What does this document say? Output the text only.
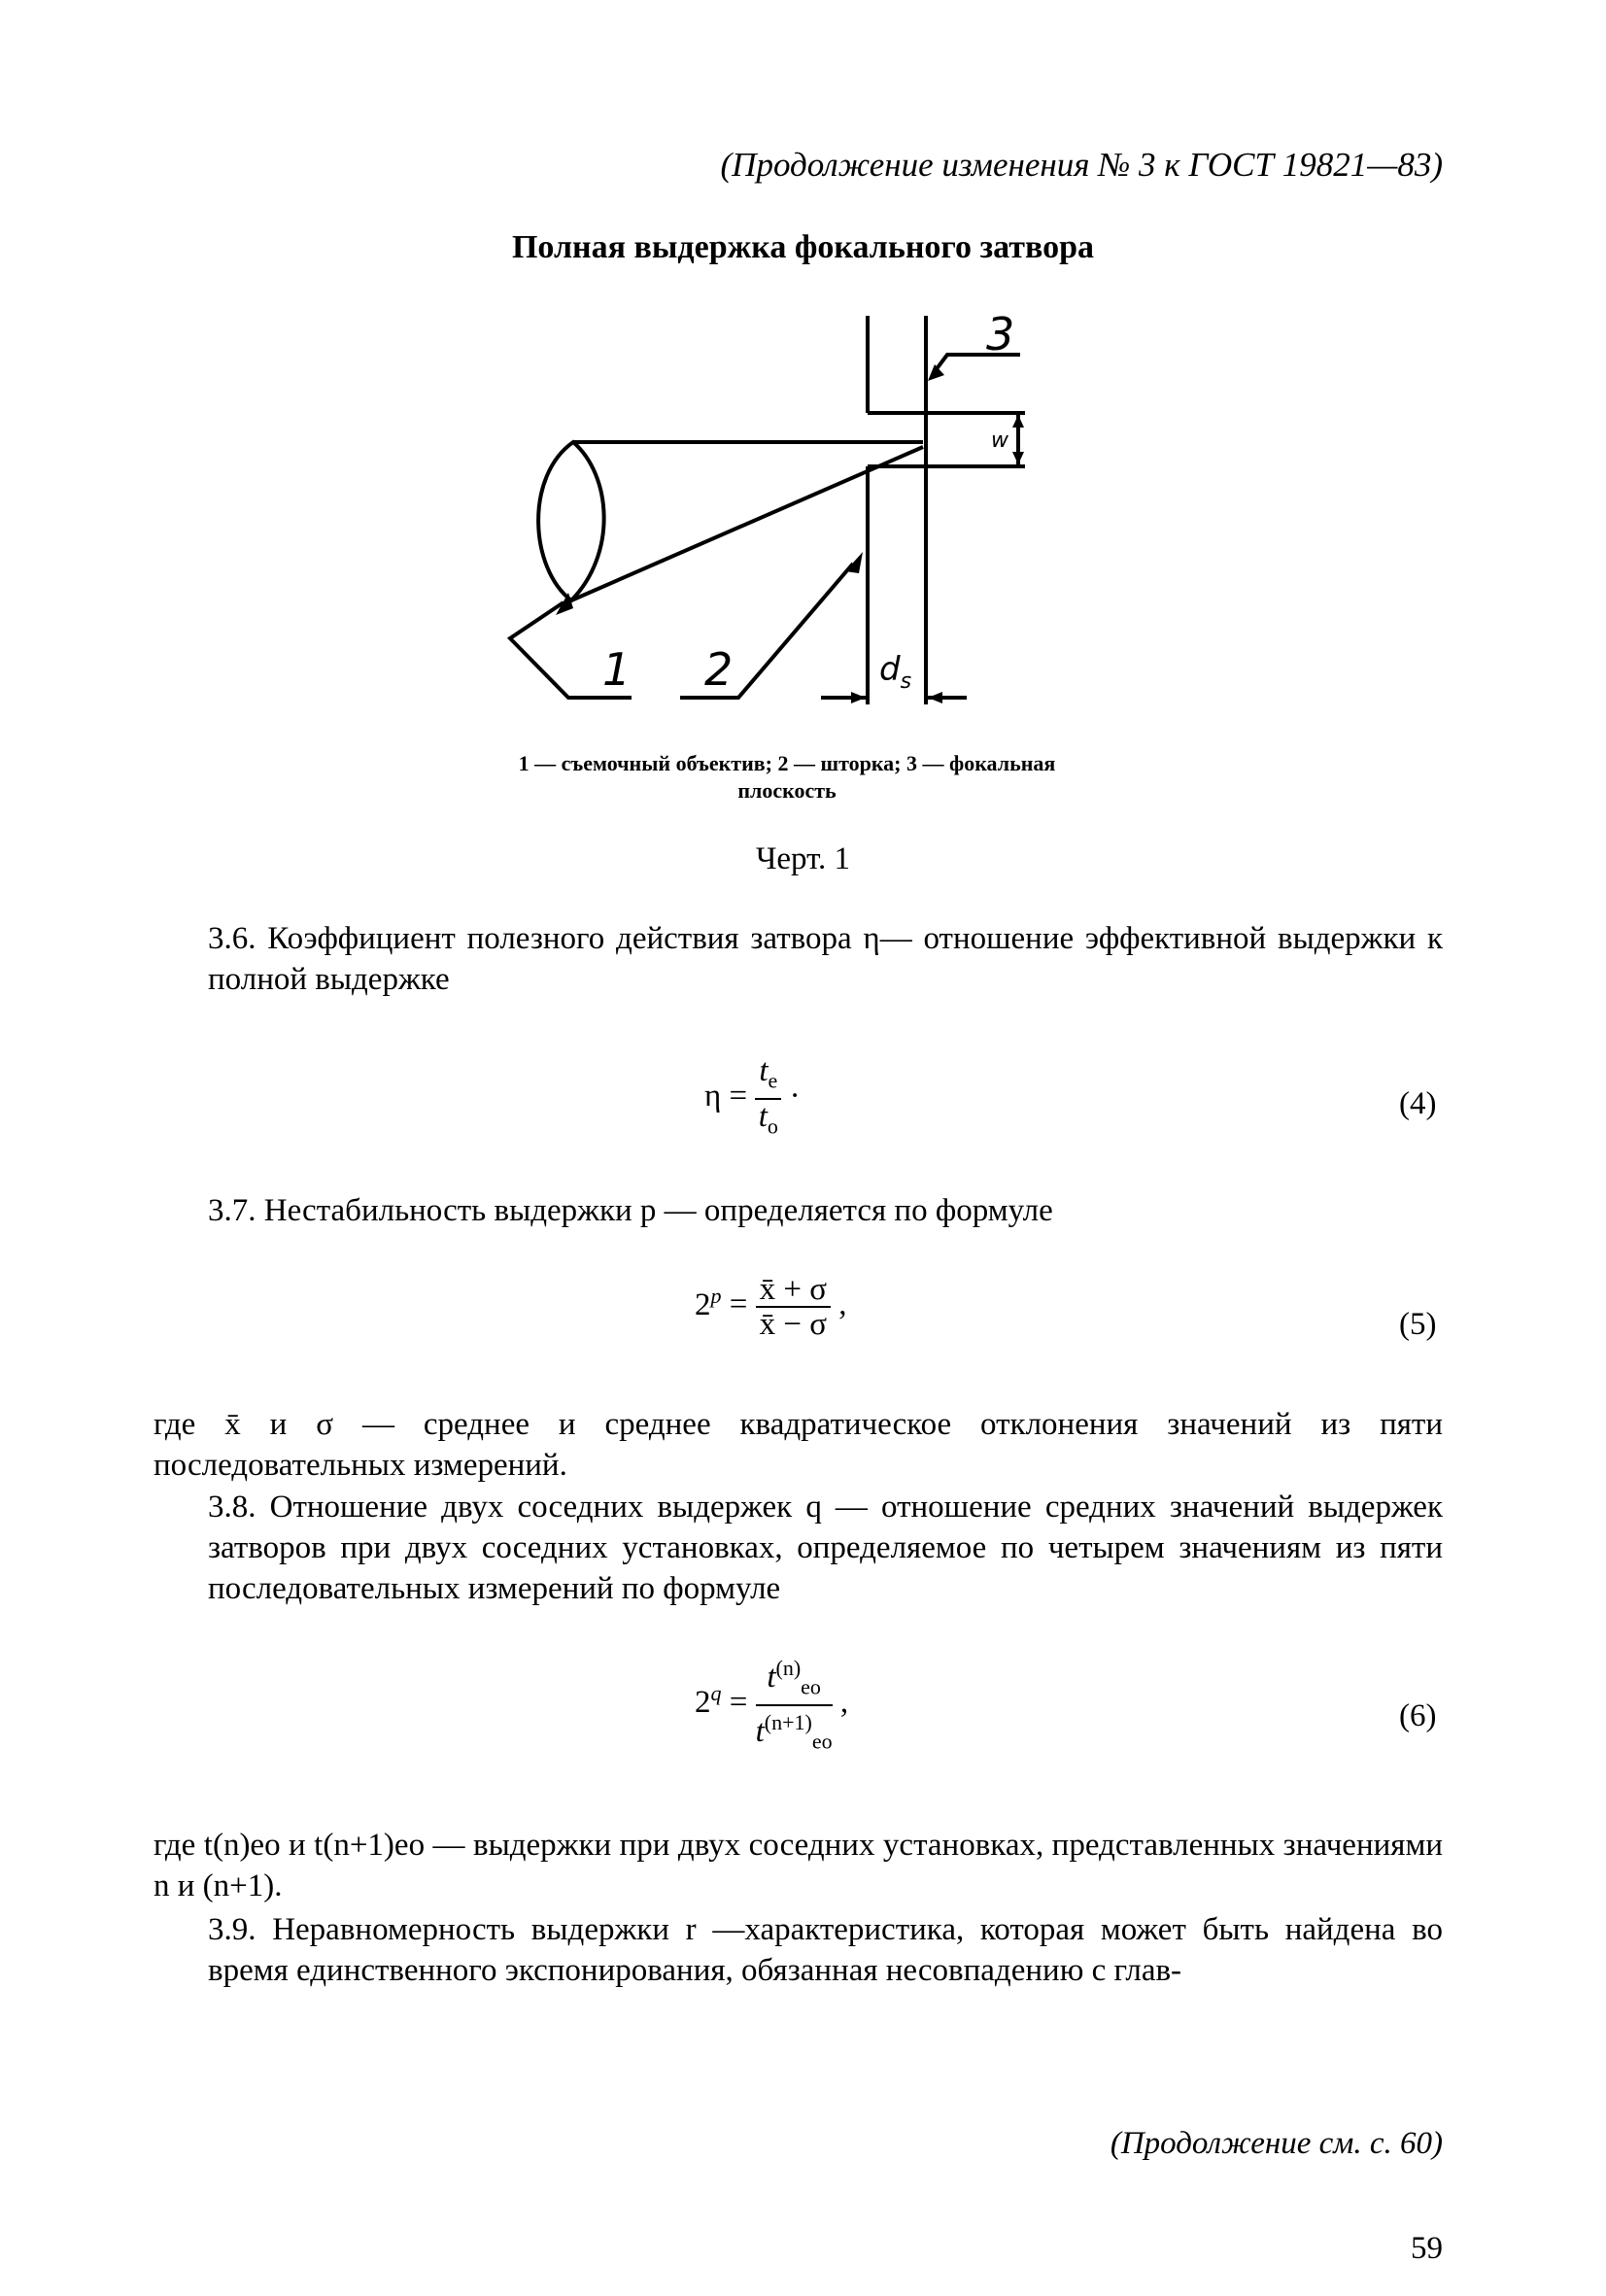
(Продолжение изменения № 3 к ГОСТ 19821—83)
Полная выдержка фокального затвора
1 2
3
w
$d_s$
1 — съемочный объектив; 2 — шторка; 3 — фокальная
плоскость
Черт. 1
3.6. Коэффициент полезного действия затвора η— отношение эффективной выдержки к полной выдержке
$\eta = \frac{t_e}{t_o}$ ·	(4)
3.7. Нестабильность выдержки p — определяется по формуле
$2^p = \frac{x̄ + \sigma}{x̄ - \sigma}$ ,
(5)
где x̄ и σ — среднее и среднее квадратическое отклонения значений из пяти последовательных измерений.
3.8. Отношение двух соседних выдержек q — отношение средних значений выдержек затворов при двух соседних установках, определяемое по четырем значениям из пяти последовательных измерений по формуле
$2^q = \frac{t^{(n)}_{eo}}{t^{(n+1)}_{eo}}$ ,	(6)
где t(n)eo и t(n+1)eo — выдержки при двух соседних установках, представленных значениями n и (n+1).
3.9. Неравномерность выдержки r —характеристика, которая может быть найдена во время единственного экспонирования, обязанная несовпадению с глав-
(Продолжение см. с. 60)
59
